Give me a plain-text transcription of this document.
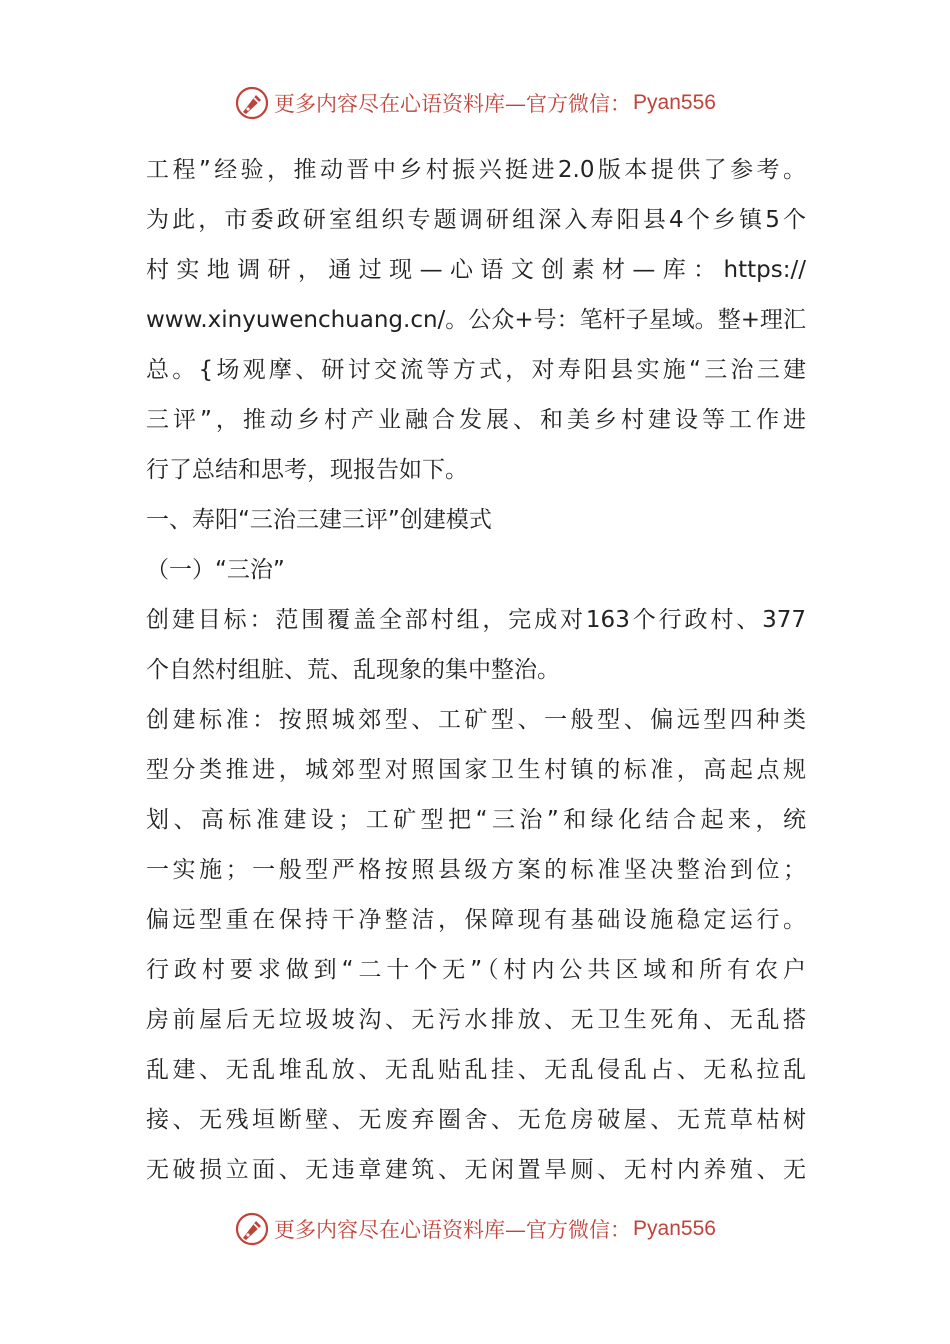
更多内容尽在心语资料库—官方微信： Pyan556
工程”经验，推动晋中乡村振兴挺进2.0版本提供了参考。
为此，市委政研室组织专题调研组深入寿阳县4个乡镇5个
村实地调研，通过现—心语文创素材—库：https://
www.xinyuwenchuang.cn/。公众+号：笔杆子星域。整+理汇
总。{场观摩、研讨交流等方式，对寿阳县实施“三治三建
三评”，推动乡村产业融合发展、和美乡村建设等工作进
行了总结和思考，现报告如下。
一、寿阳“三治三建三评”创建模式
（一）“三治”
创建目标：范围覆盖全部村组，完成对163个行政村、377
个自然村组脏、荒、乱现象的集中整治。
创建标准：按照城郊型、工矿型、一般型、偏远型四种类
型分类推进，城郊型对照国家卫生村镇的标准，高起点规
划、高标准建设；工矿型把“三治”和绿化结合起来，统
一实施；一般型严格按照县级方案的标准坚决整治到位；
偏远型重在保持干净整洁，保障现有基础设施稳定运行。
行政村要求做到“二十个无”（村内公共区域和所有农户
房前屋后无垃圾坡沟、无污水排放、无卫生死角、无乱搭
乱建、无乱堆乱放、无乱贴乱挂、无乱侵乱占、无私拉乱
接、无残垣断壁、无废弃圈舍、无危房破屋、无荒草枯树
无破损立面、无违章建筑、无闲置旱厕、无村内养殖、无
更多内容尽在心语资料库—官方微信： Pyan556
